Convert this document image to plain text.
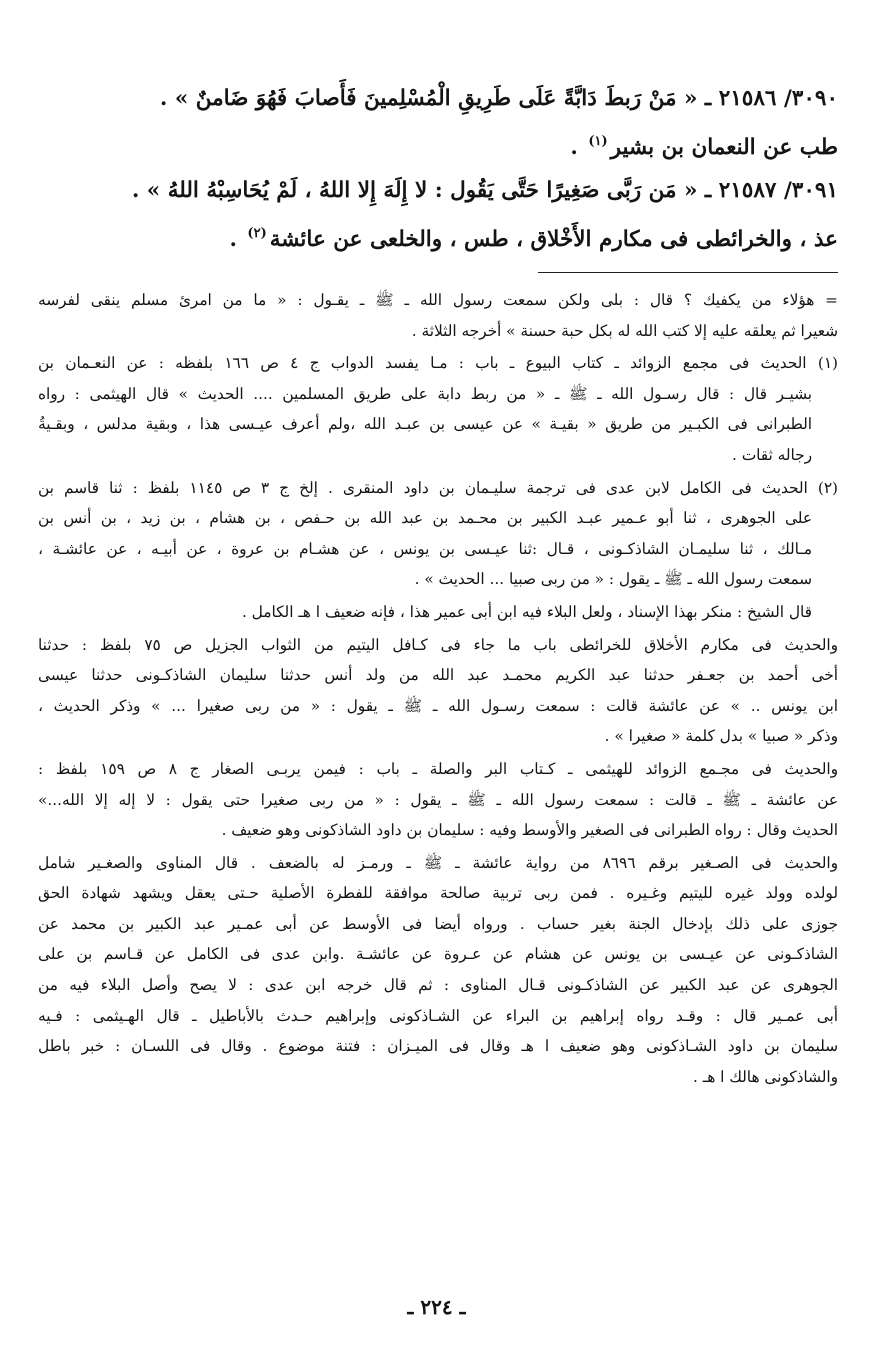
٣٠٩٠/ ٢١٥٨٦ ـ « مَنْ رَبطَ دَابَّةً عَلَى طَرِيقِ الْمُسْلِمينَ فَأَصابَ فَهُوَ ضَامنٌ » .

طب عن النعمان بن بشير$^{(١)}$ .

٣٠٩١/ ٢١٥٨٧ ـ « مَن رَبَّى صَغِيرًا حَتَّى يَقُول : لا إِلَهَ إِلا اللهُ ، لَمْ يُحَاسِبْهُ اللهُ » .

عذ ، والخرائطى فى مكارم الأَخْلاق ، طس ، والخلعى عن عائشة$^{(٢)}$ .

= هؤلاء من يكفيك ؟ قال : بلى ولكن سمعت رسول الله ـ ﷺ ـ يقـول : « ما من امرئ مسلم ينقى لفرسه
شعيرا ثم يعلقه عليه إلا كتب الله له بكل حبة حسنة » أخرجه الثلاثة .
(١) الحديث فى مجمع الزوائد ـ كتاب البيوع ـ باب : مـا يفسد الدواب ج ٤ ص ١٦٦ بلفظه : عن النعـمان بن
بشيـر قال : قال رسـول الله ـ ﷺ ـ « من ربط دابة على طريق المسلمين .... الحديث » قال الهيثمى : رواه
الطبرانى فى الكبـير من طريق « بقيـة » عن عيسى بن عبـد الله ،ولم أعرف عيـسى هذا ، وبقية مدلس ، وبقـيةُ
رجاله ثقات .
(٢) الحديث فى الكامل لابن عدى فى ترجمة سليـمان بن داود المنقرى . إلخ ج ٣ ص ١١٤٥ بلفظ : ثنا قاسم بن
على الجوهرى ، ثنا أبو عـمير عبـد الكبير بن محـمد بن عبد الله بن حـفص ، بن هشام ، بن زيد ، بن أنس بن
مـالك ، ثنا سليمـان الشاذكـونى ، قـال :ثنا عيـسى بن يونس ، عن هشـام بن عروة ، عن أبيـه ، عن عائشـة ،
سمعت رسول الله ـ ﷺ ـ يقول : « من ربى صبيا ... الحديث » .
قال الشيخ : منكر بهذا الإسناد ، ولعل البلاء فيه ابن أبى عمير هذا ، فإنه ضعيف ا هـ الكامل .
والحديث فى مكارم الأخلاق للخرائطى باب ما جاء فى كـافل اليتيم من الثواب الجزيل ص ٧٥ بلفظ : حدثنا
أخى أحمد بن جعـفر حدثنا عبد الكريم محمـد عبد الله من ولد أنس حدثنا سليمان الشاذكـونى حدثنا عيسى
ابن يونس .. » عن عائشة قالت : سمعت رسـول الله ـ ﷺ ـ يقول : « من ربى صغيرا ... » وذكر الحديث ،
وذكر « صبيا » بدل كلمة « صغيرا » .
والحديث فى مجـمع الزوائد للهيثمى ـ كـتاب البر والصلة ـ باب : فيمن يربـى الصغار ج ٨ ص ١٥٩ بلفظ :
عن عائشة ـ ﷺ ـ قالت : سمعت رسول الله ـ ﷺ ـ يقول : « من ربى صغيرا حتى يقول : لا إله إلا الله...»
الحديث وقال : رواه الطبرانى فى الصغير والأوسط وفيه : سليمان بن داود الشاذكونى وهو ضعيف .
والحديث فى الصـغير برقم ٨٦٩٦ من رواية عائشة ـ ﷺ ـ ورمـز له بالضعف . قال المناوى والصغـير شامل
لولده وولد غيره لليتيم وغـيره . فمن ربى تربية صالحة موافقة للفطرة الأصلية حـتى يعقل ويشهد شهادة الحق
جوزى على ذلك بإدخال الجنة بغير حساب . ورواه أيضا فى الأوسط عن أبى عمـير عبد الكبير بن محمد عن
الشاذكـونى عن عيـسى بن يونس عن هشام عن عـروة عن عائشـة .وابن عدى فى الكامل عن قـاسم بن على
الجوهرى عن عبد الكبير عن الشاذكـونى قـال المناوى : ثم قال خرجه ابن عدى : لا يصح وأصل البلاء فيه من
أبى عمـير قال : وقـد رواه إبراهيم بن البراء عن الشـاذكونى وإبراهيم حـدث بالأباطيل ـ قال الهـيثمى : فـيه
سليمان بن داود الشـاذكونى وهو ضعيف ا هـ وقال فى الميـزان : فتنة موضوع . وقال فى اللسـان : خبر باطل
والشاذكونى هالك ا هـ .
ـ ٢٢٤ ـ
